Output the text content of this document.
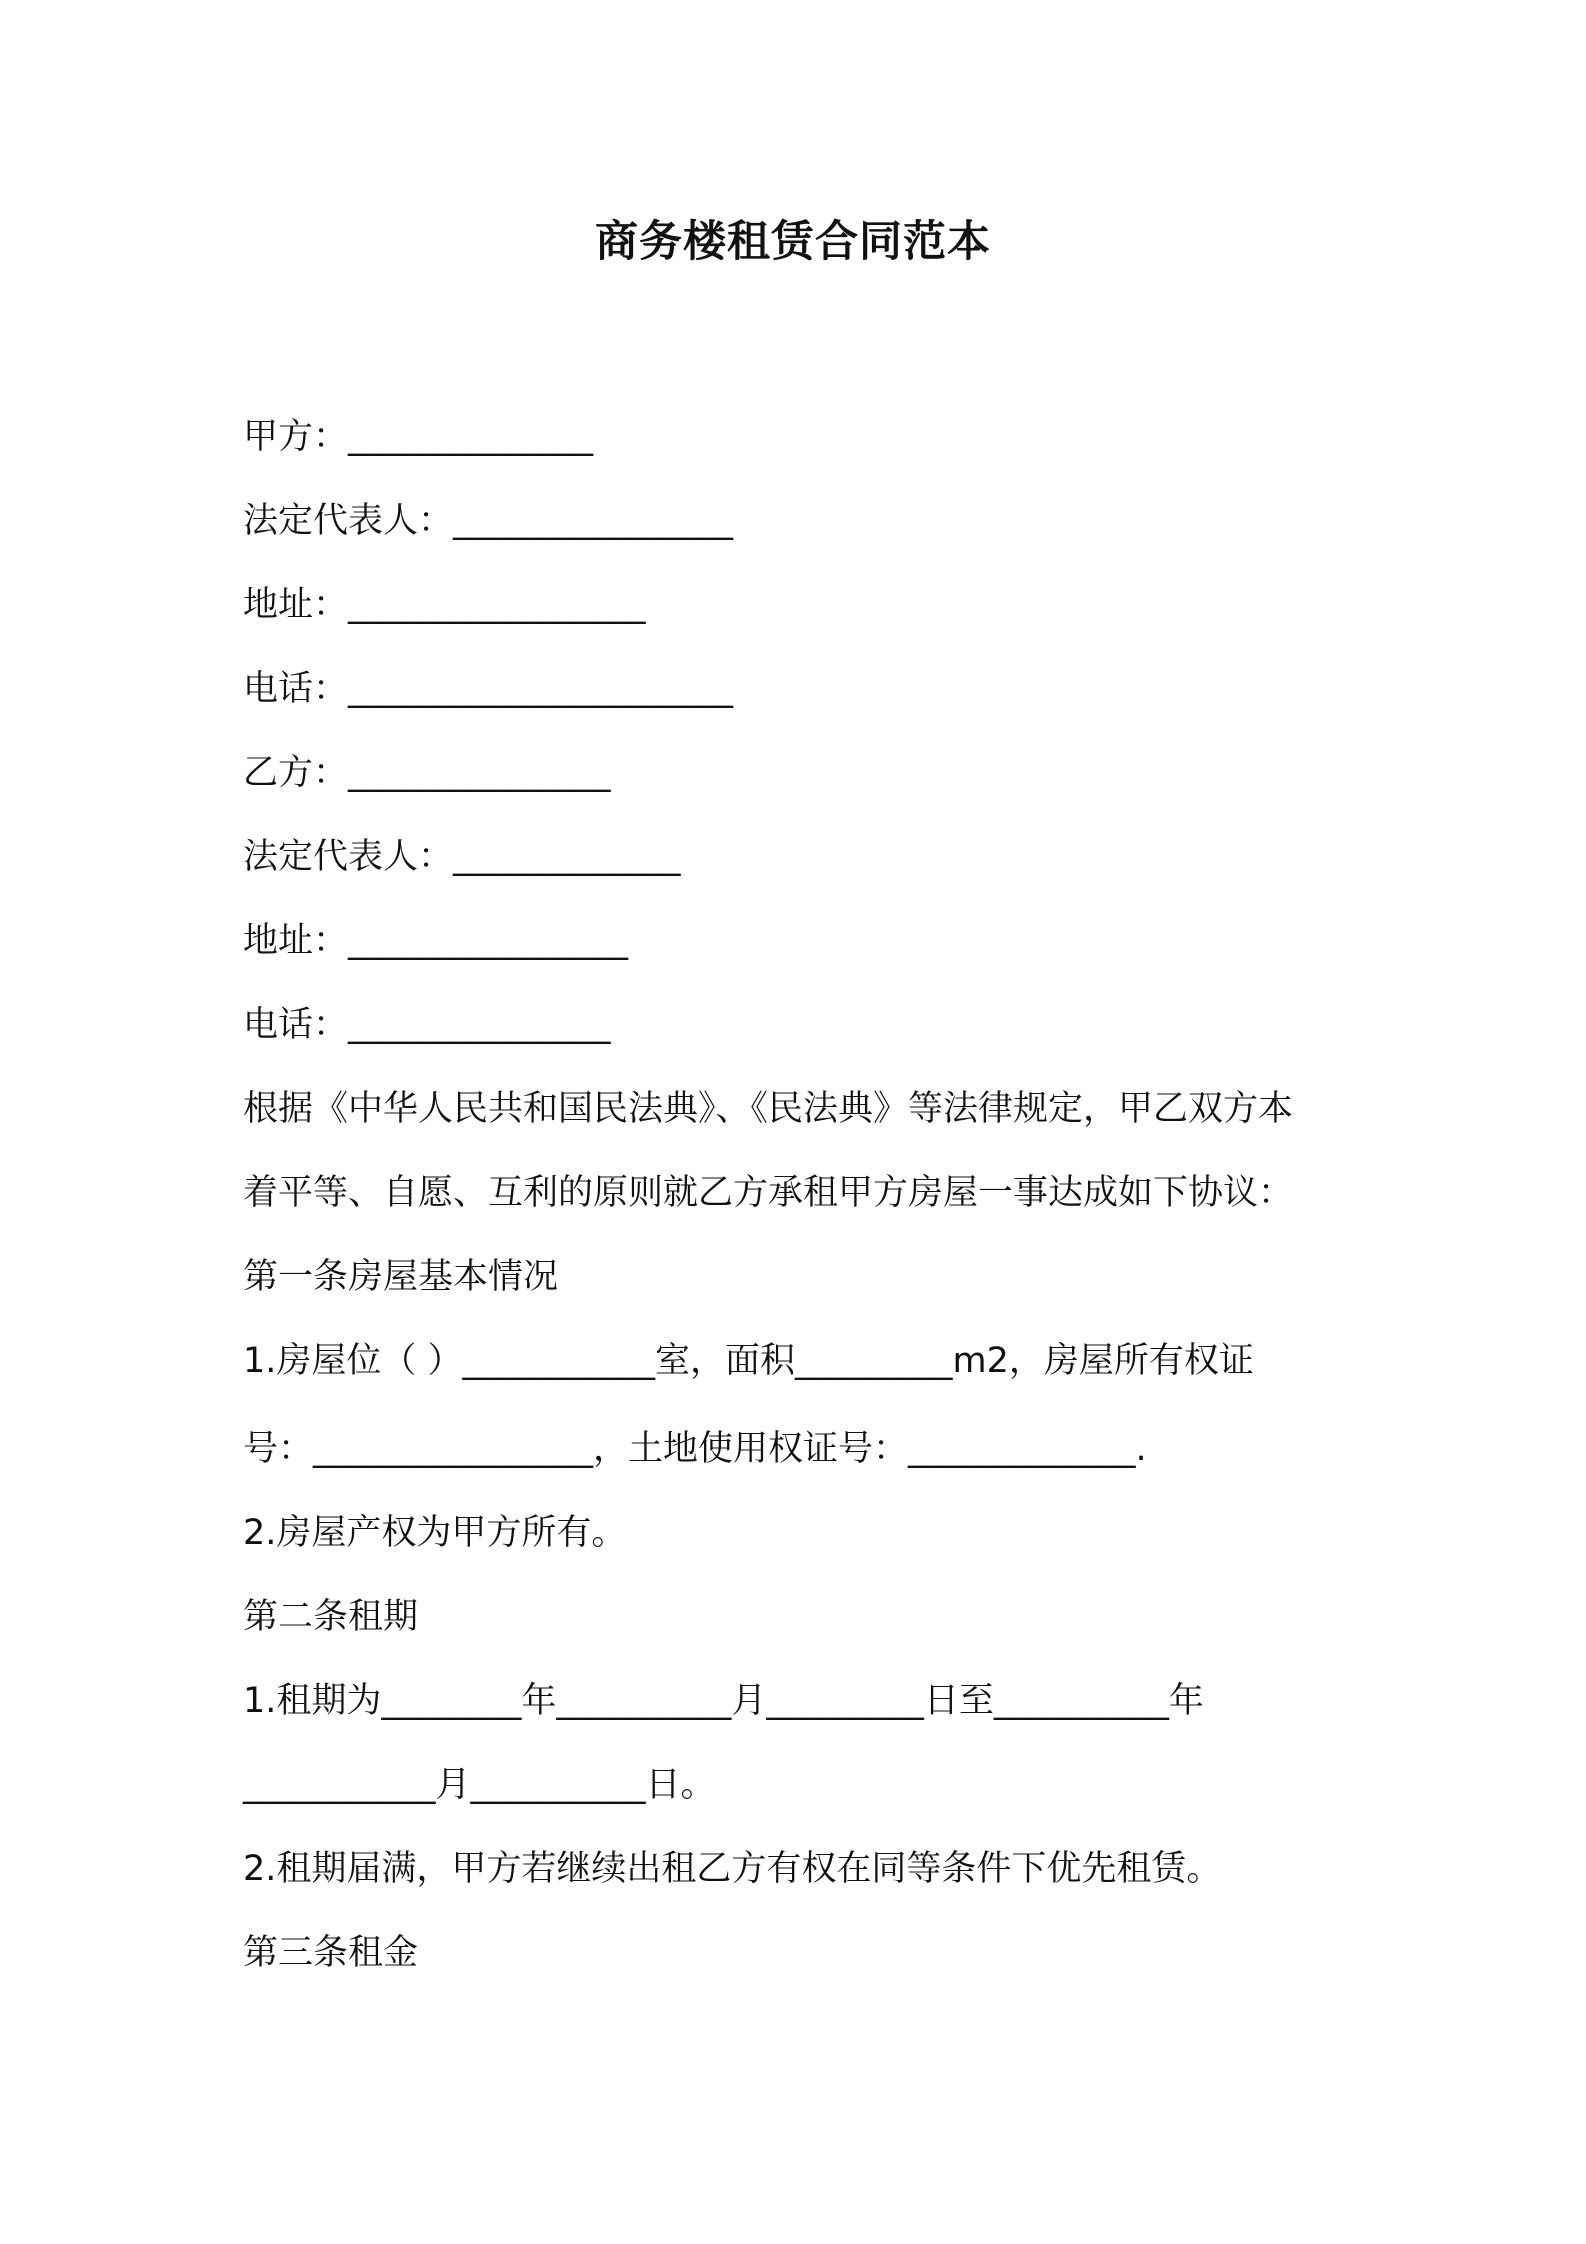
商务楼租赁合同范本
甲方：______________
法定代表人：________________
地址：_________________
电话：______________________
乙方：_______________
法定代表人：_____________
地址：________________
电话：_______________
根据《中华人民共和国民法典》、《民法典》等法律规定，甲乙双方本
着平等、自愿、互利的原则就乙方承租甲方房屋一事达成如下协议：
第一条房屋基本情况
1.房屋位（ ）___________室，面积_________m2，房屋所有权证
号：________________，土地使用权证号：_____________.
2.房屋产权为甲方所有。
第二条租期
1.租期为________年__________月_________日至__________年
___________月__________日。
2.租期届满，甲方若继续出租乙方有权在同等条件下优先租赁。
第三条租金
